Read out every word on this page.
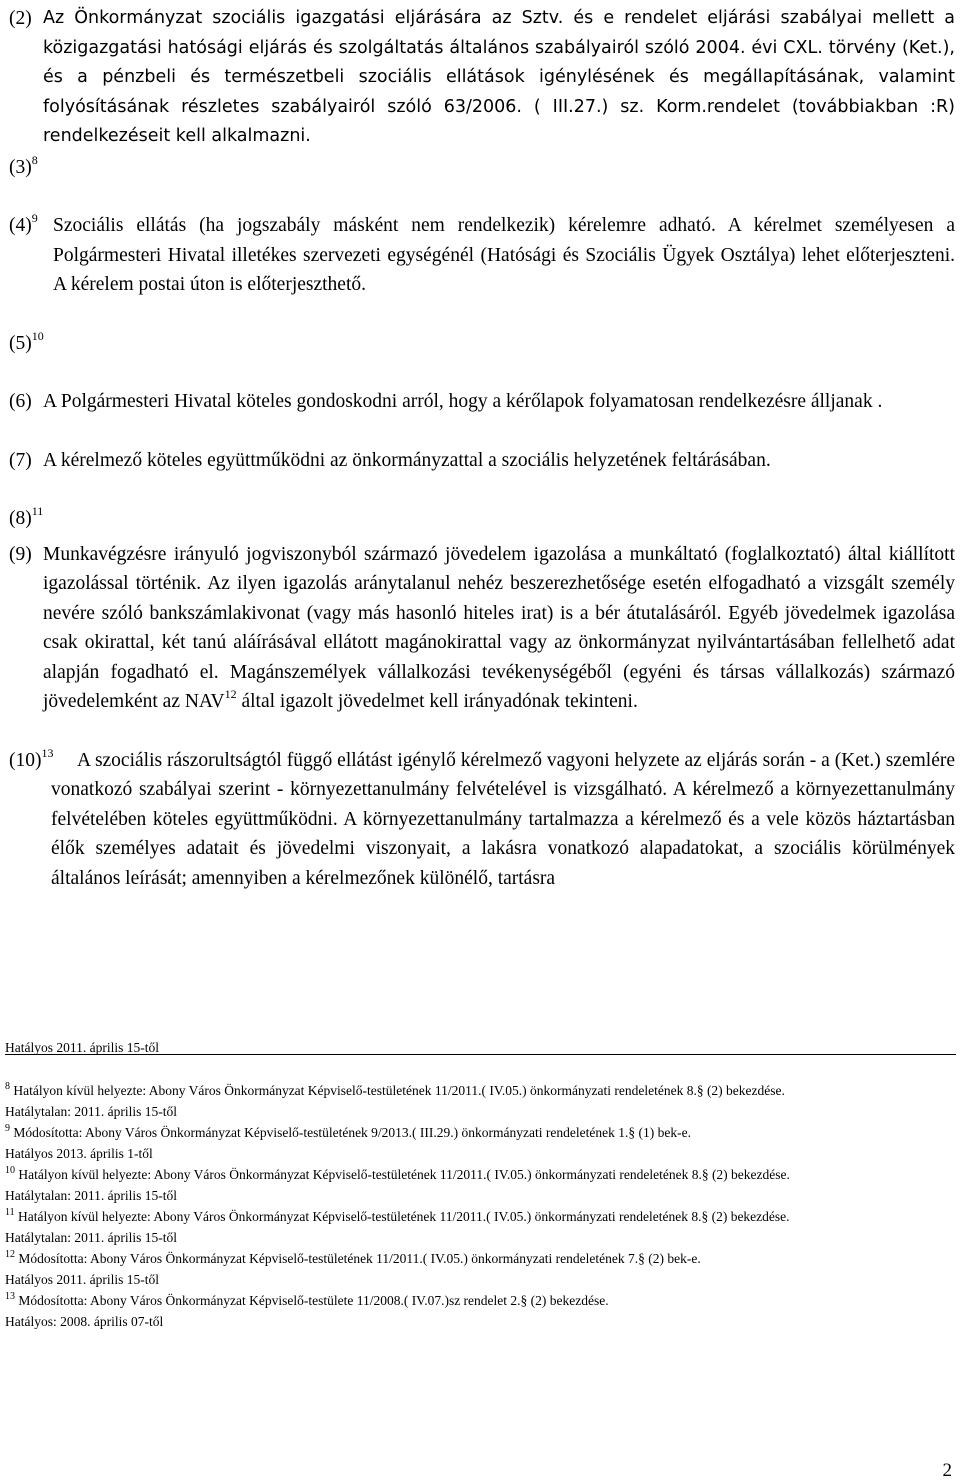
(2) Az Önkormányzat szociális igazgatási eljárására az Sztv. és e rendelet eljárási szabályai mellett a közigazgatási hatósági eljárás és szolgáltatás általános szabályairól szóló 2004. évi CXL. törvény (Ket.), és a pénzbeli és természetbeli szociális ellátások igénylésének és megállapításának, valamint folyósításának részletes szabályairól szóló 63/2006. ( III.27.) sz. Korm.rendelet (továbbiakban :R) rendelkezéseit kell alkalmazni.
$(3)^8$
$(4)^9$ Szociális ellátás (ha jogszabály másként nem rendelkezik) kérelemre adható. A kérelmet személyesen a Polgármesteri Hivatal illetékes szervezeti egységénél (Hatósági és Szociális Ügyek Osztálya) lehet előterjeszteni. A kérelem postai úton is előterjeszthető.
$(5)^{10}$
(6) A Polgármesteri Hivatal köteles gondoskodni arról, hogy a kérőlapok folyamatosan rendelkezésre álljanak .
(7) A kérelmező köteles együttműködni az önkormányzattal a szociális helyzetének feltárásában.
$(8)^{11}$
(9) Munkavégzésre irányuló jogviszonyból származó jövedelem igazolása a munkáltató (foglalkoztató) által kiállított igazolással történik. Az ilyen igazolás aránytalanul nehéz beszerezhetősége esetén elfogadható a vizsgált személy nevére szóló bankszámlakivonat (vagy más hasonló hiteles irat) is a bér átutalásáról. Egyéb jövedelmek igazolása csak okirattal, két tanú aláírásával ellátott magánokirattal vagy az önkormányzat nyilvántartásában fellelhető adat alapján fogadható el. Magánszemélyek vállalkozási tevékenységéből (egyéni és társas vállalkozás) származó jövedelemként az NAV$^{12}$ által igazolt jövedelmet kell irányadónak tekinteni.
$(10)^{13}$	A szociális rászorultságtól függő ellátást igénylő kérelmező vagyoni helyzete az eljárás során - a (Ket.) szemlére vonatkozó szabályai szerint - környezettanulmány felvételével is vizsgálható. A kérelmező a környezettanulmány felvételében köteles együttműködni. A környezettanulmány tartalmazza a kérelmező és a vele közös háztartásban élők személyes adatait és jövedelmi viszonyait, a lakásra vonatkozó alapadatokat, a szociális körülmények általános leírását; amennyiben a kérelmezőnek különélő, tartásra
Hatályos 2011. április 15-től

$^8$ Hatályon kívül helyezte: Abony Város Önkormányzat Képviselő-testületének 11/2011.( IV.05.) önkormányzati rendeletének 8.§ (2) bekezdése.
Hatálytalan: 2011. április 15-től

$^9$ Módosította: Abony Város Önkormányzat Képviselő-testületének 9/2013.( III.29.) önkormányzati rendeletének 1.§ (1) bek-e.
Hatályos 2013. április 1-től

$^{10}$ Hatályon kívül helyezte: Abony Város Önkormányzat Képviselő-testületének 11/2011.( IV.05.) önkormányzati rendeletének 8.§ (2) bekezdése.
Hatálytalan: 2011. április 15-től

$^{11}$ Hatályon kívül helyezte: Abony Város Önkormányzat Képviselő-testületének 11/2011.( IV.05.) önkormányzati rendeletének 8.§ (2) bekezdése.
Hatálytalan: 2011. április 15-től

$^{12}$ Módosította: Abony Város Önkormányzat Képviselő-testületének 11/2011.( IV.05.) önkormányzati rendeletének 7.§ (2) bek-e.
Hatályos 2011. április 15-től

$^{13}$ Módosította: Abony Város Önkormányzat Képviselő-testülete 11/2008.( IV.07.)sz rendelet 2.§ (2) bekezdése.
Hatályos: 2008. április 07-től

2
